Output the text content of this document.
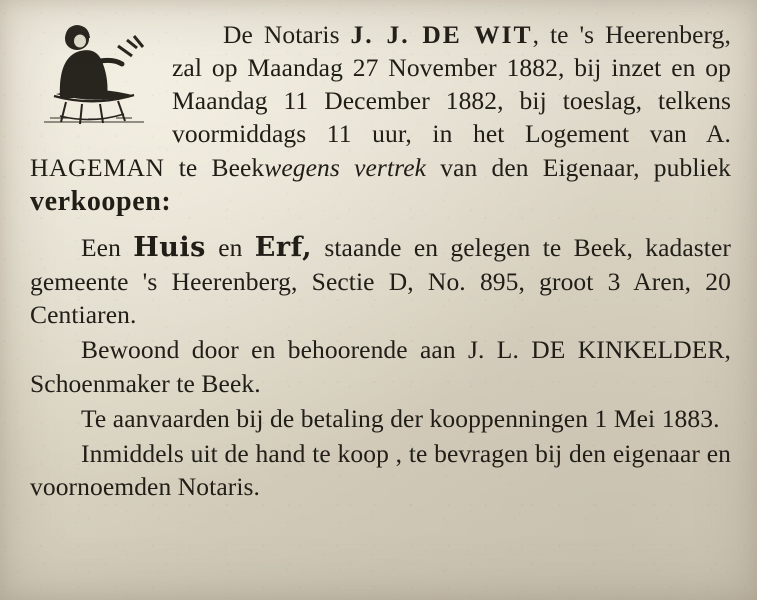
De Notaris J. J. DE WIT, te 's Heerenberg, zal op Maandag 27 November 1882, bij inzet en op Maandag 11 December 1882, bij toeslag, telkens voormiddags 11 uur, in het Logement van A. HAGEMAN te Beekwegens vertrek van den Eigenaar, publiek verkoopen:

Een Huis en Erf, staande en gelegen te Beek, kadaster gemeente 's Heerenberg, Sectie D, No. 895, groot 3 Aren, 20 Centiaren.

Bewoond door en behoorende aan J. L. DE KINKELDER, Schoenmaker te Beek.

Te aanvaarden bij de betaling der kooppenningen 1 Mei 1883.

Inmiddels uit de hand te koop , te bevragen bij den eigenaar en voornoemden Notaris.
